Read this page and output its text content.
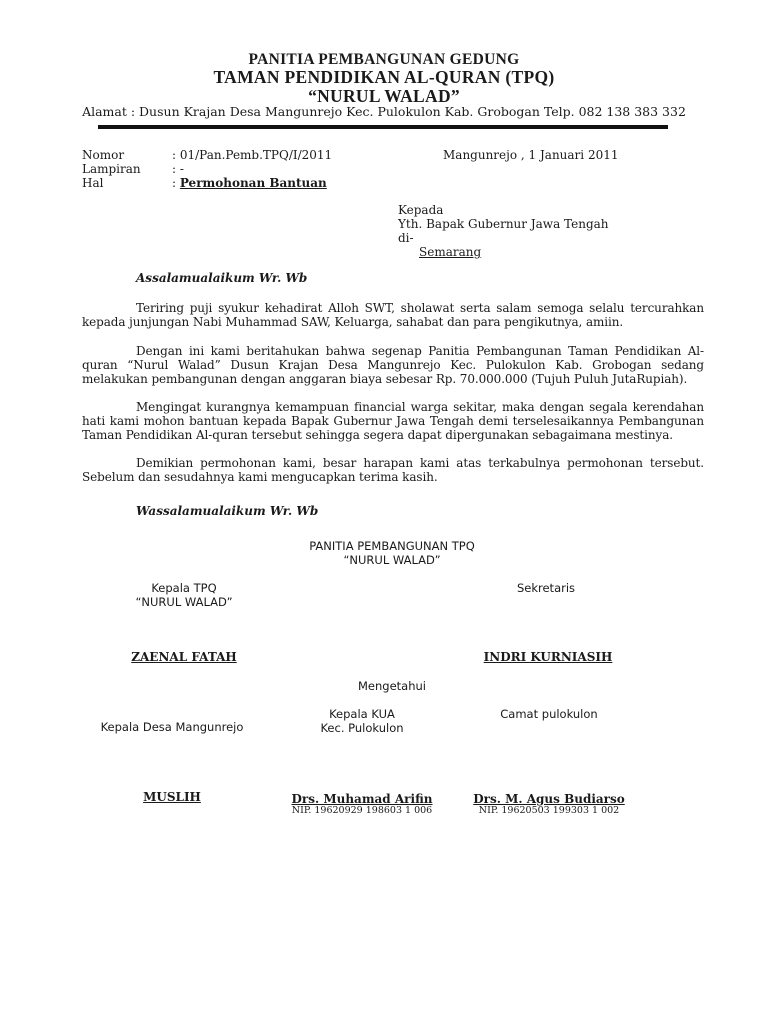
PANITIA PEMBANGUNAN GEDUNG
TAMAN PENDIDIKAN AL-QURAN (TPQ)
“NURUL WALAD”
Alamat : Dusun Krajan Desa Mangunrejo Kec. Pulokulon Kab. Grobogan Telp. 082 138 383 332
Nomor	: 01/Pan.Pemb.TPQ/I/2011	Mangunrejo , 1 Januari 2011
Lampiran	: -
Hal	: Permohonan Bantuan
Kepada
Yth. Bapak Gubernur Jawa Tengah
di-
Semarang
Assalamualaikum Wr. Wb
Teriring puji syukur kehadirat Alloh SWT, sholawat serta salam semoga selalu tercurahkan kepada junjungan Nabi Muhammad SAW, Keluarga, sahabat dan para pengikutnya, amiin.
Dengan ini kami beritahukan bahwa segenap Panitia Pembangunan Taman Pendidikan Al-quran “Nurul Walad” Dusun Krajan Desa Mangunrejo Kec. Pulokulon Kab. Grobogan sedang melakukan pembangunan dengan anggaran biaya sebesar Rp. 70.000.000 (Tujuh Puluh JutaRupiah).
Mengingat kurangnya kemampuan financial warga sekitar, maka dengan segala kerendahan hati kami mohon bantuan kepada Bapak Gubernur Jawa Tengah demi terselesaikannya Pembangunan Taman Pendidikan Al-quran tersebut sehingga segera dapat dipergunakan sebagaimana mestinya.
Demikian permohonan kami, besar harapan kami atas terkabulnya permohonan tersebut. Sebelum dan sesudahnya kami mengucapkan terima kasih.
Wassalamualaikum Wr. Wb
PANITIA PEMBANGUNAN TPQ
“NURUL WALAD”
Kepala TPQ
“NURUL WALAD”
Sekretaris
ZAENAL FATAH	INDRI KURNIASIH
Mengetahui
Kepala Desa Mangunrejo
Kepala KUA
Kec. Pulokulon
Camat pulokulon
MUSLIH	Drs. Muhamad Arifin
NIP. 19620929 198603 1 006
Drs. M. Agus Budiarso
NIP. 19620503 199303 1 002
